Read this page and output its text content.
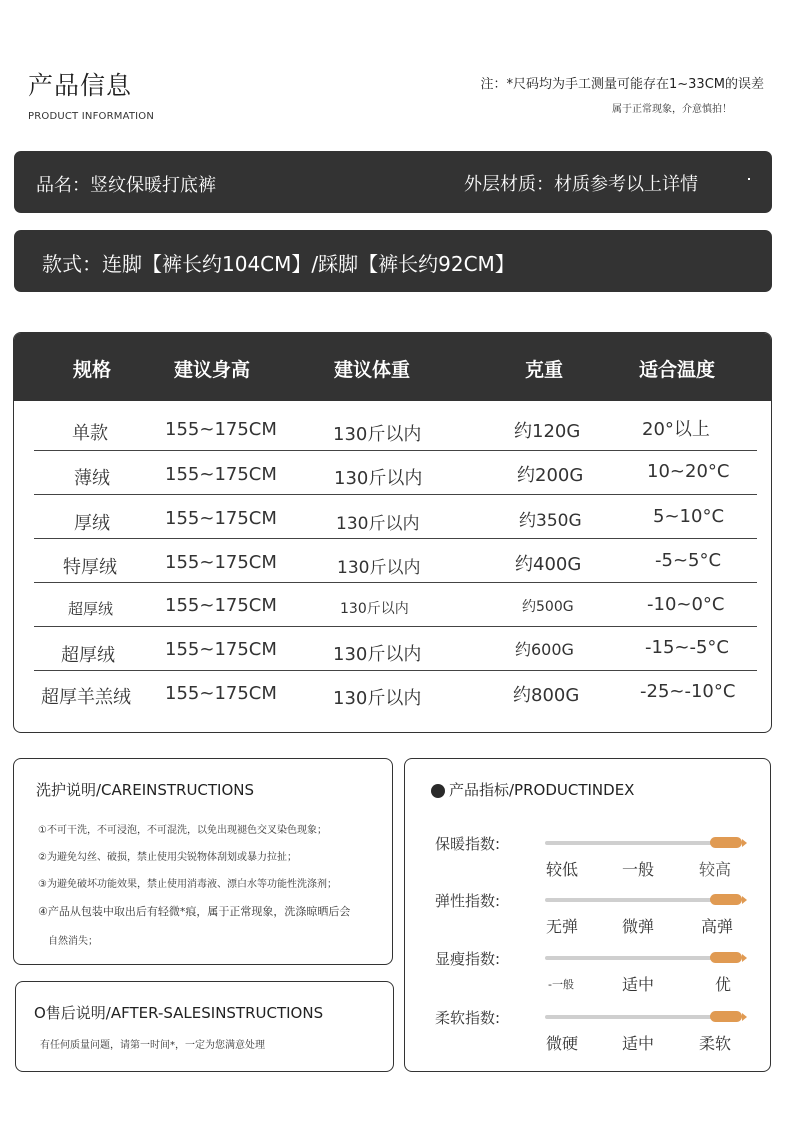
产品信息
PRODUCT INFORMATION
注：*尺码均为手工测量可能存在1~33CM的误差
属于正常现象，介意慎拍！
品名：竖纹保暖打底裤	外层材质：材质参考以上详情
款式：连脚【裤长约104CM】/踩脚【裤长约92CM】
规格	建议身高	建议体重	克重	适合温度
单款	155~175CM	130斤以内	约120G	20°以上
薄绒	155~175CM	130斤以内	约200G	10~20°C
厚绒	155~175CM	130斤以内	约350G	5~10°C
特厚绒	155~175CM	130斤以内	约400G	-5~5°C
超厚绒	155~175CM	130斤以内	约500G	-10~0°C
超厚绒	155~175CM	130斤以内	约600G	-15~-5°C
超厚羊羔绒 155~175CM	130斤以内	约800G	-25~-10°C
洗护说明/CAREINSTRUCTIONS
①不可干洗，不可浸泡，不可混洗，以免出现褪色交叉染色现象；
②为避免勾丝、破损，禁止使用尖锐物体刮划或暴力拉扯；
③为避免破坏功能效果，禁止使用消毒液、漂白水等功能性洗涤剂；
④产品从包装中取出后有轻微*痕，属于正常现象，洗涤晾晒后会
自然消失；
O售后说明/AFTER-SALESINSTRUCTIONS
有任何质量问题，请第一时间*，一定为您满意处理
产品指标/PRODUCTINDEX
保暖指数:
较低	一般	较高
弹性指数:
无弹	微弹	高弹
显瘦指数:
-一般	适中	优
柔软指数:
微硬	适中	柔软
